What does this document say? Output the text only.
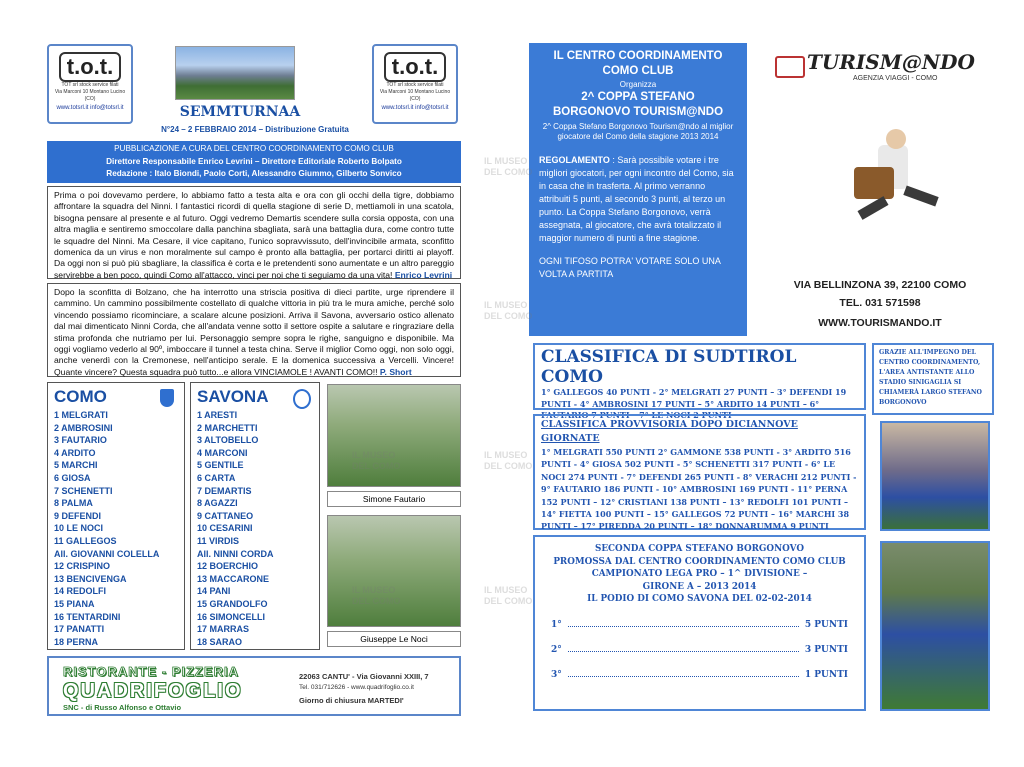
t.o.t.
TOT srl stock service filati
Via Marconi 10 Montano Lucino (CO)
www.totsrl.it info@totsrl.it
t.o.t.
TOT srl stock service filati
Via Marconi 10 Montano Lucino (CO)
www.totsrl.it info@totsrl.it
SEMMTURNAA
N°24 – 2 FEBBRAIO 2014 – Distribuzione Gratuita
PUBBLICAZIONE A CURA DEL CENTRO COORDINAMENTO COMO CLUB
Direttore Responsabile Enrico Levrini – Direttore Editoriale Roberto Bolpato
Redazione : Italo Biondi, Paolo Corti, Alessandro Giummo, Gilberto Sonvico
Prima o poi dovevamo perdere, lo abbiamo fatto a testa alta e ora con gli occhi della tigre, dobbiamo affrontare la squadra del Ninni. I fantastici ricordi di quella stagione di serie D, mettiamoli in una scatola, bisogna pensare al presente e al futuro. Oggi vedremo Demartis scendere sulla corsia opposta, con una altra maglia e sentiremo smoccolare dalla panchina sbagliata, sarà una battaglia dura, come contro tutte le squadre del Ninni. Ma Cesare, il vice capitano, l'unico sopravvissuto, dell'invincibile armata, sconfitto domenica da un virus e non moralmente sul campo è pronto alla battaglia, per portarci diritti ai playoff. Da oggi non si può più sbagliare, la classifica è corta e le pretendenti sono aumentate e un altro pareggio servirebbe a ben poco, quindi Como all'attacco, vinci per noi che ti seguiamo da una vita! Enrico Levrini
Dopo la sconfitta di Bolzano, che ha interrotto una striscia positiva di dieci partite, urge riprendere il cammino. Un cammino possibilmente costellato di qualche vittoria in più tra le mura amiche, perché solo vincendo possiamo ricominciare, a scalare alcune posizioni. Arriva il Savona, avversario ostico allenato dal mai dimenticato Ninni Corda, che all'andata venne sotto il settore ospite a salutare e ringraziare della stima profonda che nutriamo per lui. Personaggio sempre sopra le righe, sanguigno e disponibile. Ma oggi vogliamo vederlo al 90º, imboccare il tunnel a testa china. Serve il miglior Como oggi, non solo oggi, anche venerdì con la Cremonese, nell'anticipo serale. E la domenica successiva a Vercelli. Vincere! Quante vincere? Questa squadra può tutto...e allora VINCIAMOLE ! AVANTI COMO!! P. Short
COMO
1 MELGRATI
2 AMBROSINI
3 FAUTARIO
4 ARDITO
5 MARCHI
6 GIOSA
7 SCHENETTI
8 PALMA
9 DEFENDI
10 LE NOCI
11 GALLEGOS
All. GIOVANNI COLELLA
12 CRISPINO
13 BENCIVENGA
14 REDOLFI
15 PIANA
16 TENTARDINI
17 PANATTI
18 PERNA
SAVONA
1 ARESTI
2 MARCHETTI
3 ALTOBELLO
4 MARCONI
5 GENTILE
6 CARTA
7 DEMARTIS
8 AGAZZI
9 CATTANEO
10 CESARINI
11 VIRDIS
All. NINNI CORDA
12 BOERCHIO
13 MACCARONE
14 PANI
15 GRANDOLFO
16 SIMONCELLI
17 MARRAS
18 SARAO
Simone Fautario
Giuseppe Le Noci
RISTORANTE - PIZZERIA
QUADRIFOGLIO
SNC - di Russo Alfonso e Ottavio
22063 CANTU' - Via Giovanni XXIII, 7
Tel. 031/712626 - www.quadrifoglio.co.it
Giorno di chiusura MARTEDI'
IL CENTRO COORDINAMENTO
COMO CLUB
Organizza
2^ COPPA STEFANO
BORGONOVO TOURISM@NDO
2^ Coppa Stefano Borgonovo Tourism@ndo al miglior giocatore del Como della stagione 2013 2014
REGOLAMENTO : Sarà possibile votare i tre migliori giocatori, per ogni incontro del Como, sia in casa che in trasferta. Al primo verranno attribuiti 5 punti, al secondo 3 punti, al terzo un punto. La Coppa Stefano Borgonovo, verrà assegnata, al giocatore, che avrà totalizzato il maggior numero di punti a fine stagione.
OGNI TIFOSO POTRA' VOTARE SOLO UNA VOLTA A PARTITA
TURISM@NDO
AGENZIA VIAGGI - COMO
VIA BELLINZONA 39, 22100 COMO
TEL. 031 571598
WWW.TOURISMANDO.IT
CLASSIFICA DI SUDTIROL COMO
1° GALLEGOS 40 PUNTI - 2° MELGRATI 27 PUNTI – 3° DEFENDI 19 PUNTI - 4° AMBROSINI 17 PUNTI – 5° ARDITO 14 PUNTI – 6° FAUTARIO 7 PUNTI – 7° LE NOCI 2 PUNTI
GRAZIE ALL'IMPEGNO DEL CENTRO COORDINAMENTO, L'AREA ANTISTANTE ALLO STADIO SINIGAGLIA SI CHIAMERÀ LARGO STEFANO BORGONOVO
CLASSIFICA PROVVISORIA DOPO DICIANNOVE GIORNATE
1° MELGRATI 550 PUNTI 2° GAMMONE 538 PUNTI - 3° ARDITO 516 PUNTI - 4° GIOSA 502 PUNTI - 5° SCHENETTI 317 PUNTI - 6° LE NOCI 274 PUNTI - 7° DEFENDI 265 PUNTI - 8° VERACHI 212 PUNTI - 9° FAUTARIO 186 PUNTI - 10° AMBROSINI 169 PUNTI - 11° PERNA 152 PUNTI – 12° CRISTIANI 138 PUNTI – 13° REDOLFI 101 PUNTI – 14° FIETTA 100 PUNTI – 15° GALLEGOS 72 PUNTI – 16° MARCHI 38 PUNTI – 17° PIREDDA 20 PUNTI – 18° DONNARUMMA 9 PUNTI
SECONDA COPPA STEFANO BORGONOVO
PROMOSSA DAL CENTRO COORDINAMENTO COMO CLUB
CAMPIONATO LEGA PRO – 1^ DIVISIONE –
GIRONE A – 2013 2014
IL PODIO DI COMO SAVONA DEL 02-02-2014
1°	5 PUNTI
2°	3 PUNTI
3°	1 PUNTI
IL MUSEO
DEL COMO
IL MUSEO
DEL COMO
IL MUSEO
DEL COMO
IL MUSEO
DEL COMO
IL MUSEO
DEL COMO
IL MUSEO
DEL COMO
